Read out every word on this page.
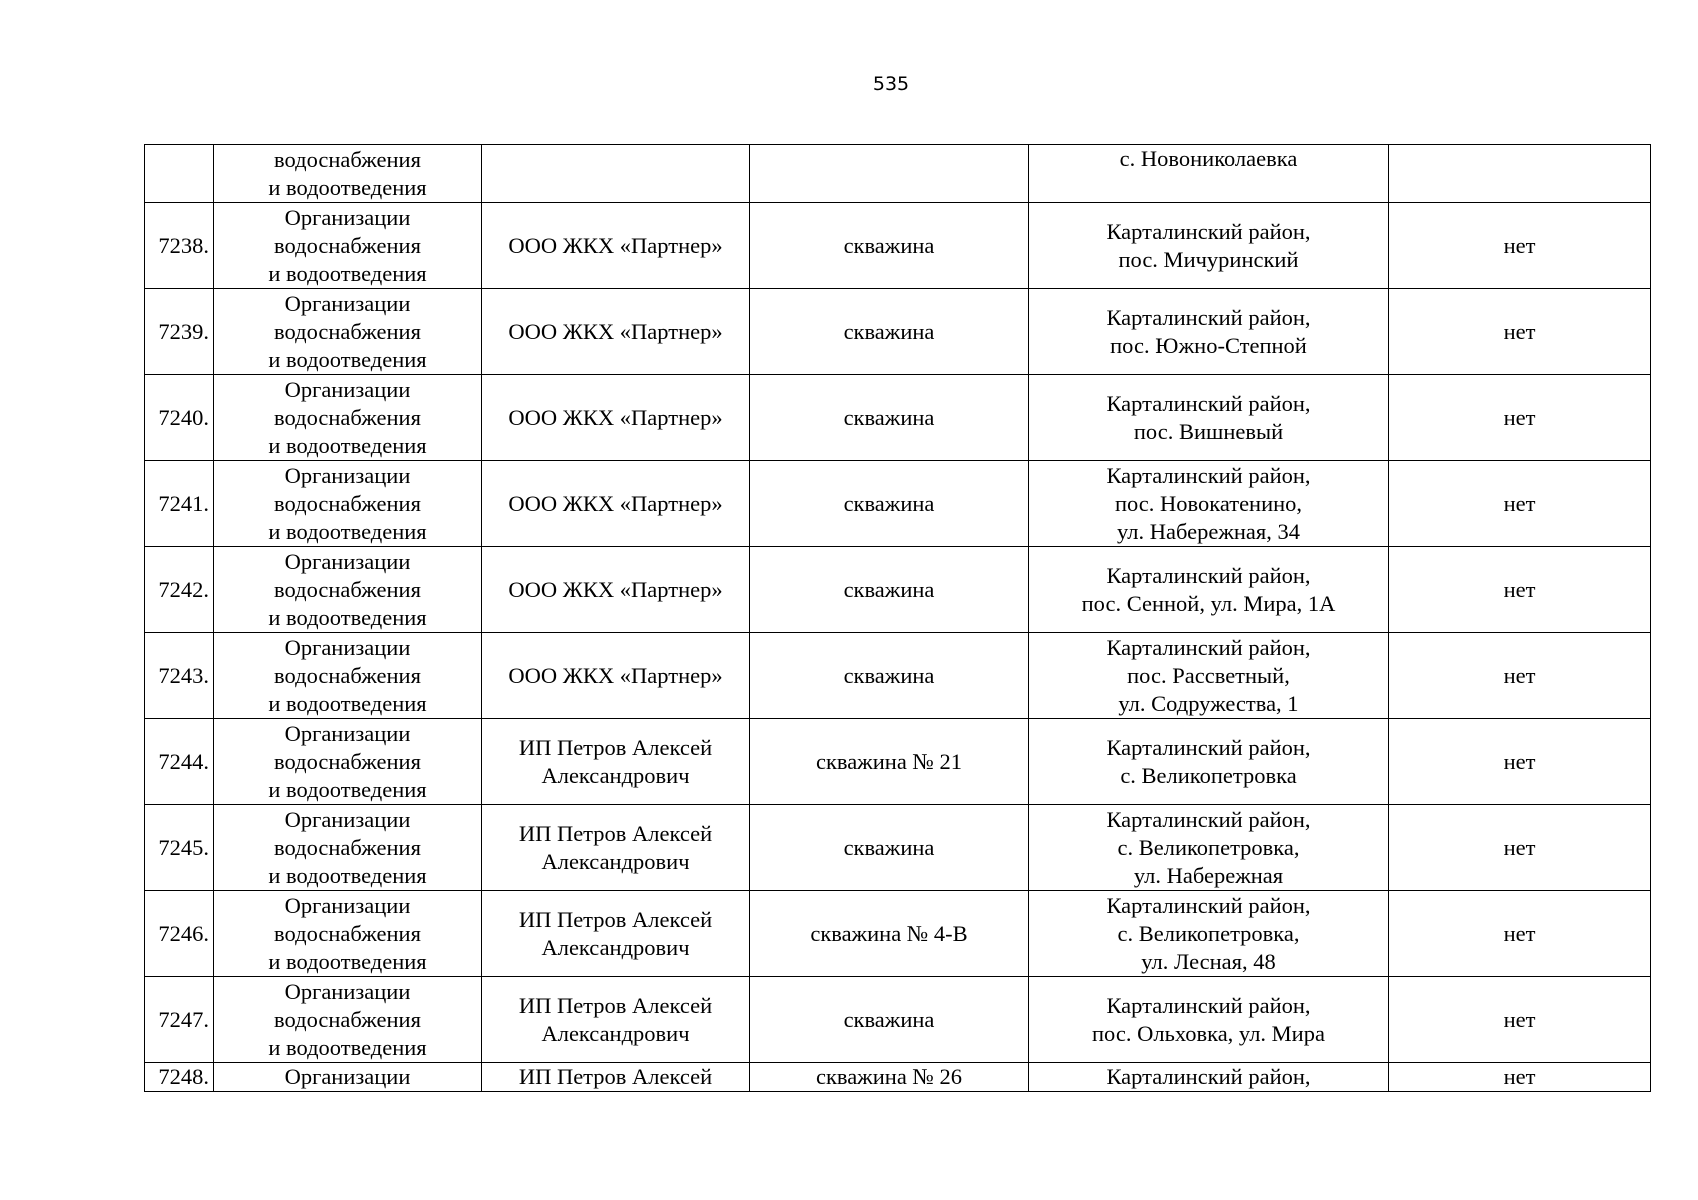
535

	водоснабжения
и водоотведения			с. Новониколаевка	

7238.	Организации
водоснабжения
и водоотведения	ООО ЖКХ «Партнер»	скважина	Карталинский район,
пос. Мичуринский	нет
7239.	Организации
водоснабжения
и водоотведения	ООО ЖКХ «Партнер»	скважина	Карталинский район,
пос. Южно-Степной	нет
7240.	Организации
водоснабжения
и водоотведения	ООО ЖКХ «Партнер»	скважина	Карталинский район,
пос. Вишневый	нет
7241.	Организации
водоснабжения
и водоотведения	ООО ЖКХ «Партнер»	скважина	Карталинский район,
пос. Новокатенино,
ул. Набережная, 34	нет
7242.	Организации
водоснабжения
и водоотведения	ООО ЖКХ «Партнер»	скважина	Карталинский район,
пос. Сенной, ул. Мира, 1А	нет
7243.	Организации
водоснабжения
и водоотведения	ООО ЖКХ «Партнер»	скважина	Карталинский район,
пос. Рассветный,
ул. Содружества, 1	нет
7244.	Организации
водоснабжения
и водоотведения	ИП Петров Алексей
Александрович	скважина № 21	Карталинский район,
с. Великопетровка	нет
7245.	Организации
водоснабжения
и водоотведения	ИП Петров Алексей
Александрович	скважина	Карталинский район,
с. Великопетровка,
ул. Набережная	нет
7246.	Организации
водоснабжения
и водоотведения	ИП Петров Алексей
Александрович	скважина № 4-В	Карталинский район,
с. Великопетровка,
ул. Лесная, 48	нет
7247.	Организации
водоснабжения
и водоотведения	ИП Петров Алексей
Александрович	скважина	Карталинский район,
пос. Ольховка, ул. Мира	нет
7248.	Организации	ИП Петров Алексей	скважина № 26	Карталинский район,	нет
